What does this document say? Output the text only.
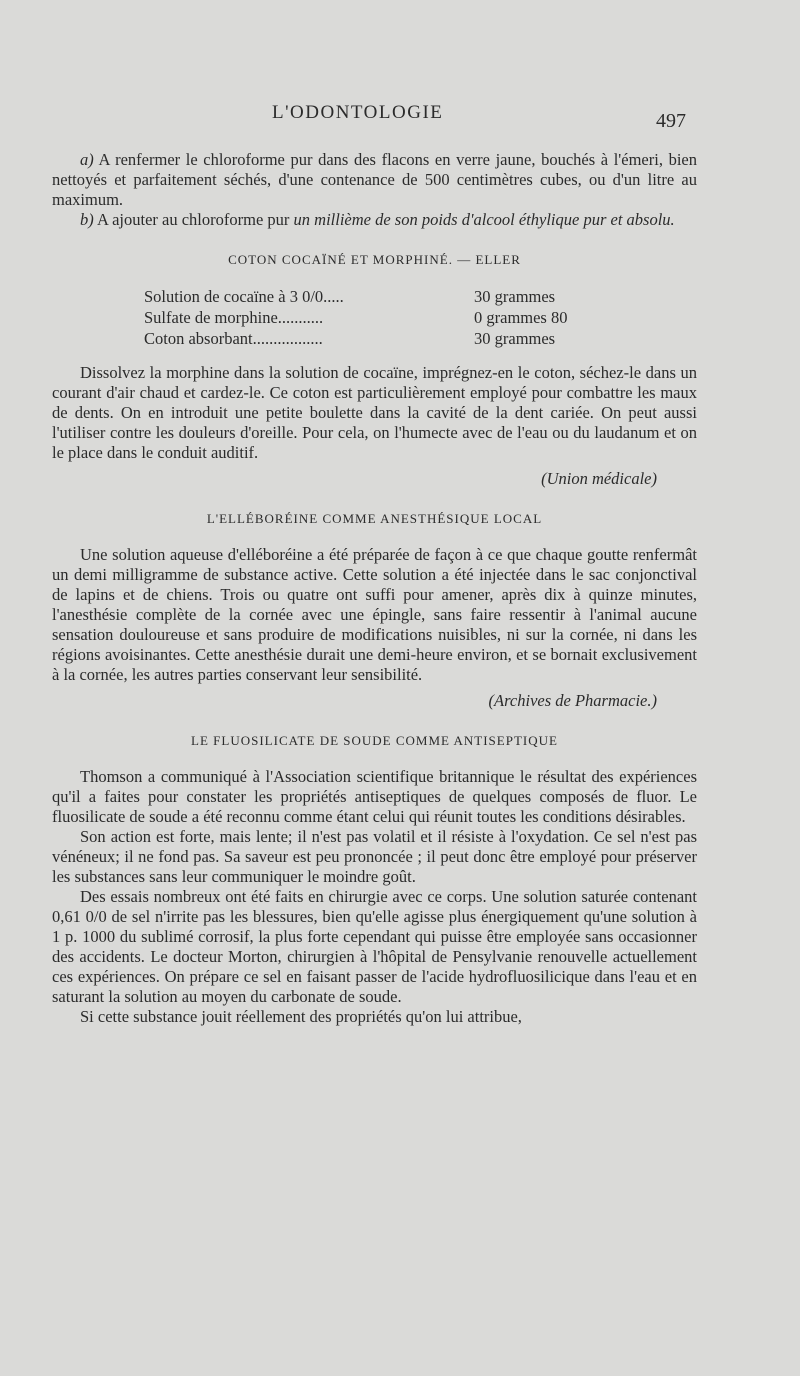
L'ODONTOLOGIE	497

a) A renfermer le chloroforme pur dans des flacons en verre jaune, bouchés à l'émeri, bien nettoyés et parfaitement séchés, d'une contenance de 500 centimètres cubes, ou d'un litre au maximum.

b) A ajouter au chloroforme pur un millième de son poids d'alcool éthylique pur et absolu.

COTON COCAÏNÉ ET MORPHINÉ. — ELLER
Solution de cocaïne à 3 0/0.....	30 grammes
Sulfate de morphine...........	0 grammes 80
Coton absorbant.................	30 grammes

Dissolvez la morphine dans la solution de cocaïne, imprégnez-en le coton, séchez-le dans un courant d'air chaud et cardez-le. Ce coton est particulièrement employé pour combattre les maux de dents. On en introduit une petite boulette dans la cavité de la dent cariée. On peut aussi l'utiliser contre les douleurs d'oreille. Pour cela, on l'humecte avec de l'eau ou du laudanum et on le place dans le conduit auditif.

(Union médicale)

L'ELLÉBORÉINE COMME ANESTHÉSIQUE LOCAL

Une solution aqueuse d'elléboréine a été préparée de façon à ce que chaque goutte renfermât un demi milligramme de substance active. Cette solution a été injectée dans le sac conjonctival de lapins et de chiens. Trois ou quatre ont suffi pour amener, après dix à quinze minutes, l'anesthésie complète de la cornée avec une épingle, sans faire ressentir à l'animal aucune sensation douloureuse et sans produire de modifications nuisibles, ni sur la cornée, ni dans les régions avoisinantes. Cette anesthésie durait une demi-heure environ, et se bornait exclusivement à la cornée, les autres parties conservant leur sensibilité.

(Archives de Pharmacie.)

LE FLUOSILICATE DE SOUDE COMME ANTISEPTIQUE

Thomson a communiqué à l'Association scientifique britannique le résultat des expériences qu'il a faites pour constater les propriétés antiseptiques de quelques composés de fluor. Le fluosilicate de soude a été reconnu comme étant celui qui réunit toutes les conditions désirables.

Son action est forte, mais lente; il n'est pas volatil et il résiste à l'oxydation. Ce sel n'est pas vénéneux; il ne fond pas. Sa saveur est peu prononcée ; il peut donc être employé pour préserver les substances sans leur communiquer le moindre goût.

Des essais nombreux ont été faits en chirurgie avec ce corps. Une solution saturée contenant 0,61 0/0 de sel n'irrite pas les blessures, bien qu'elle agisse plus énergiquement qu'une solution à 1 p. 1000 du sublimé corrosif, la plus forte cependant qui puisse être employée sans occasionner des accidents. Le docteur Morton, chirurgien à l'hôpital de Pensylvanie renouvelle actuellement ces expériences. On prépare ce sel en faisant passer de l'acide hydrofluosilicique dans l'eau et en saturant la solution au moyen du carbonate de soude.

Si cette substance jouit réellement des propriétés qu'on lui attribue,
